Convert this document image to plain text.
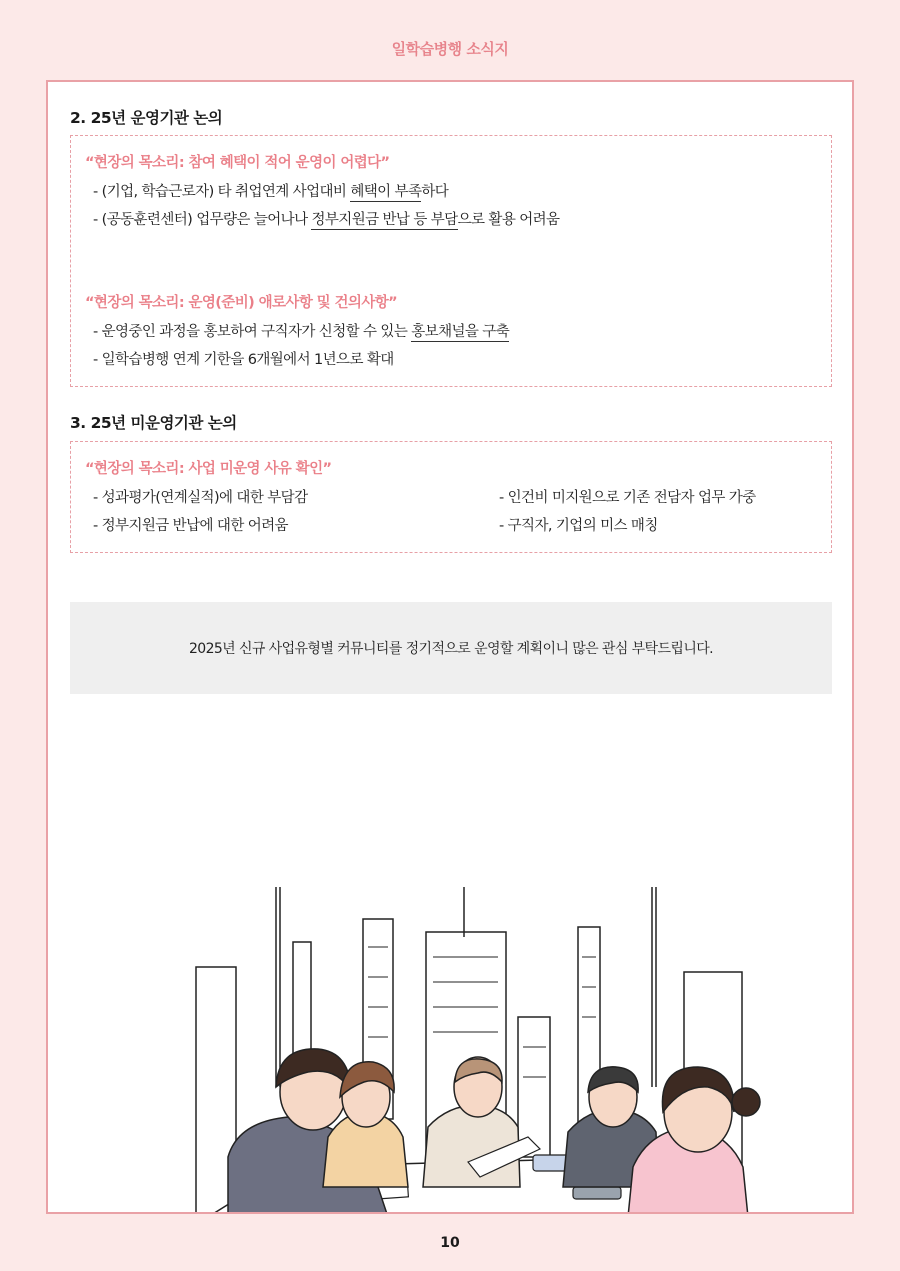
일학습병행 소식지
2. 25년 운영기관 논의
“현장의 목소리: 참여 혜택이 적어 운영이 어렵다”
- (기업, 학습근로자) 타 취업연계 사업대비 혜택이 부족하다
- (공동훈련센터) 업무량은 늘어나나 정부지원금 반납 등 부담으로 활용 어려움
“현장의 목소리: 운영(준비) 애로사항 및 건의사항”
- 운영중인 과정을 홍보하여 구직자가 신청할 수 있는 홍보채널을 구축
- 일학습병행 연계 기한을 6개월에서 1년으로 확대
3. 25년 미운영기관 논의
“현장의 목소리: 사업 미운영 사유 확인”
- 성과평가(연계실적)에 대한 부담감
- 정부지원금 반납에 대한 어려움
- 인건비 미지원으로 기존 전담자 업무 가중
- 구직자, 기업의 미스 매칭
2025년 신규 사업유형별 커뮤니티를 정기적으로 운영할 계획이니 많은 관심 부탁드립니다.
10
